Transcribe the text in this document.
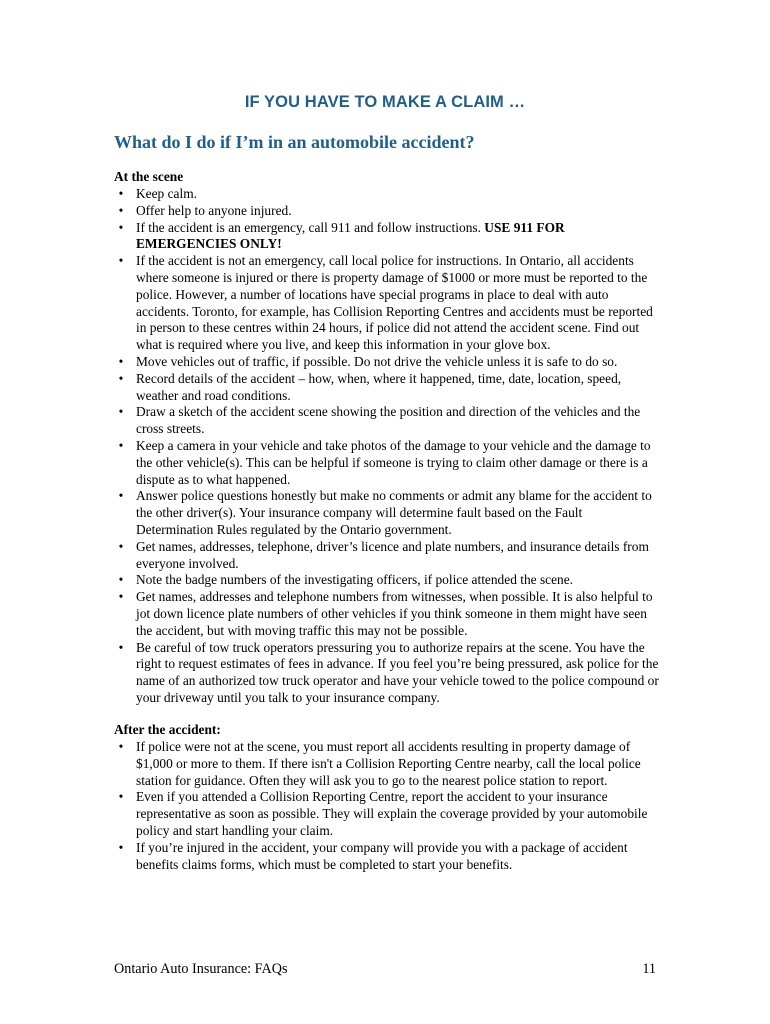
IF YOU HAVE TO MAKE A CLAIM …
What do I do if I’m in an automobile accident?
At the scene
• Keep calm.
• Offer help to anyone injured.
• If the accident is an emergency, call 911 and follow instructions. USE 911 FOR EMERGENCIES ONLY!
• If the accident is not an emergency, call local police for instructions. In Ontario, all accidents where someone is injured or there is property damage of $1000 or more must be reported to the police. However, a number of locations have special programs in place to deal with auto accidents. Toronto, for example, has Collision Reporting Centres and accidents must be reported in person to these centres within 24 hours, if police did not attend the accident scene. Find out what is required where you live, and keep this information in your glove box.
• Move vehicles out of traffic, if possible. Do not drive the vehicle unless it is safe to do so.
• Record details of the accident – how, when, where it happened, time, date, location, speed, weather and road conditions.
• Draw a sketch of the accident scene showing the position and direction of the vehicles and the cross streets.
• Keep a camera in your vehicle and take photos of the damage to your vehicle and the damage to the other vehicle(s). This can be helpful if someone is trying to claim other damage or there is a dispute as to what happened.
• Answer police questions honestly but make no comments or admit any blame for the accident to the other driver(s). Your insurance company will determine fault based on the Fault Determination Rules regulated by the Ontario government.
• Get names, addresses, telephone, driver’s licence and plate numbers, and insurance details from everyone involved.
• Note the badge numbers of the investigating officers, if police attended the scene.
• Get names, addresses and telephone numbers from witnesses, when possible. It is also helpful to jot down licence plate numbers of other vehicles if you think someone in them might have seen the accident, but with moving traffic this may not be possible.
• Be careful of tow truck operators pressuring you to authorize repairs at the scene. You have the right to request estimates of fees in advance. If you feel you’re being pressured, ask police for the name of an authorized tow truck operator and have your vehicle towed to the police compound or your driveway until you talk to your insurance company.
After the accident:
• If police were not at the scene, you must report all accidents resulting in property damage of $1,000 or more to them. If there isn't a Collision Reporting Centre nearby, call the local police station for guidance. Often they will ask you to go to the nearest police station to report.
• Even if you attended a Collision Reporting Centre, report the accident to your insurance representative as soon as possible. They will explain the coverage provided by your automobile policy and start handling your claim.
• If you’re injured in the accident, your company will provide you with a package of accident benefits claims forms, which must be completed to start your benefits.
Ontario Auto Insurance: FAQs	11
